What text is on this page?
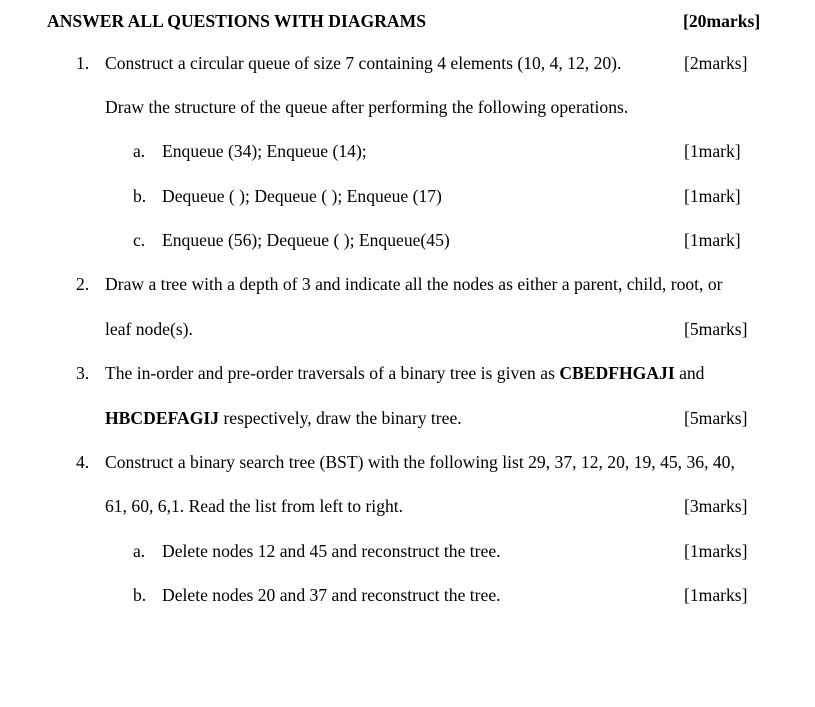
ANSWER ALL QUESTIONS WITH DIAGRAMS	[20marks]
1. Construct a circular queue of size 7 containing 4 elements (10, 4, 12, 20).	[2marks]
Draw the structure of the queue after performing the following operations.
a. Enqueue (34); Enqueue (14);	[1mark]
b. Dequeue ( ); Dequeue ( ); Enqueue (17)	[1mark]
c. Enqueue (56); Dequeue ( ); Enqueue(45)	[1mark]
2. Draw a tree with a depth of 3 and indicate all the nodes as either a parent, child, root, or
leaf node(s).	[5marks]
3. The in-order and pre-order traversals of a binary tree is given as CBEDFHGAJI and
HBCDEFAGIJ respectively, draw the binary tree.	[5marks]
4. Construct a binary search tree (BST) with the following list 29, 37, 12, 20, 19, 45, 36, 40,
61, 60, 6,1. Read the list from left to right.	[3marks]
a. Delete nodes 12 and 45 and reconstruct the tree.	[1marks]
b. Delete nodes 20 and 37 and reconstruct the tree.	[1marks]
